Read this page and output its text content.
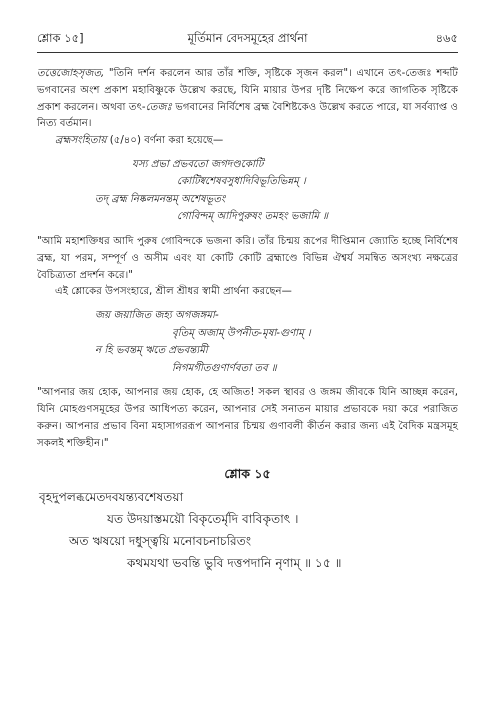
শ্লোক ১৫]	মূর্তিমান বেদসমূহের প্রার্থনা	৪৬৫

তত্তেজোহসৃজত, "তিনি দর্শন করলেন আর তাঁর শক্তি, সৃষ্টিকে সৃজন করল"। এখানে তৎ-তেজঃ শব্দটি ভগবানের অংশ প্রকাশ মহাবিষ্ণুকে উল্লেখ করছে, যিনি মায়ার উপর দৃষ্টি নিক্ষেপ করে জাগতিক সৃষ্টিকে প্রকাশ করলেন। অথবা তৎ-তেজঃ ভগবানের নির্বিশেষ ব্রহ্ম বৈশিষ্টকেও উল্লেখ করতে পারে, যা সর্বব্যাপ্ত ও নিত্য বর্তমান।

ব্রহ্মসংহিতায় (৫/৪০) বর্ণনা করা হয়েছে—

যস্য প্রভা প্রভবতো জগদণ্ডকোটি
কোটিষ্বশেষবসুধাদিবিভূতিভিন্নম্ ।
তদ্ ব্রহ্ম নিষ্কলমনন্তম্ অশেষভূতং
গোবিন্দম্ আদিপুরুষং তমহং ভজামি ॥

"আমি মহাশক্তিধর আদি পুরুষ গোবিন্দকে ভজনা করি। তাঁর চিন্ময় রূপের দীপ্তিমান জ্যোতি হচ্ছে নির্বিশেষ ব্রহ্ম, যা পরম, সম্পূর্ণ ও অসীম এবং যা কোটি কোটি ব্রহ্মাণ্ডে বিভিন্ন ঐশ্বর্য সমন্বিত অসংখ্য নক্ষত্রের বৈচিত্র্যতা প্রদর্শন করে।"

এই শ্লোকের উপসংহারে, শ্রীল শ্রীধর স্বামী প্রার্থনা করছেন—

জয় জয়াজিত জহ্য অগজঙ্গমা-
বৃতিম্ অজাম্ উপনীত-মৃষা-গুণাম্ ।
ন হি ভবন্তম্ ঋতে প্রভবন্ত্যমী
নিগমগীতগুণার্ণবতা তব ॥

"আপনার জয় হোক, আপনার জয় হোক, হে অজিত! সকল স্থাবর ও জঙ্গম জীবকে যিনি আচ্ছন্ন করেন, যিনি মোহগুণসমূহের উপর আধিপত্য করেন, আপনার সেই সনাতন মায়ার প্রভাবকে দয়া করে পরাজিত করুন। আপনার প্রভাব বিনা মহাসাগররূপ আপনার চিন্ময় গুণাবলী কীর্তন করার জন্য এই বৈদিক মন্ত্রসমূহ সকলই শক্তিহীন।"

শ্লোক ১৫
বৃহদুপলব্ধমেতদবযন্ত্যবশেষতয়া
যত উদয়াস্তময়ৌ বিকৃতের্মৃদি বাবিকৃতাৎ ।
অত ঋষয়ো দধুস্ত্বয়ি মনোবচনাচরিতং
কথমযথা ভবন্তি ভুবি দত্তপদানি নৃণাম্ ॥ ১৫ ॥
